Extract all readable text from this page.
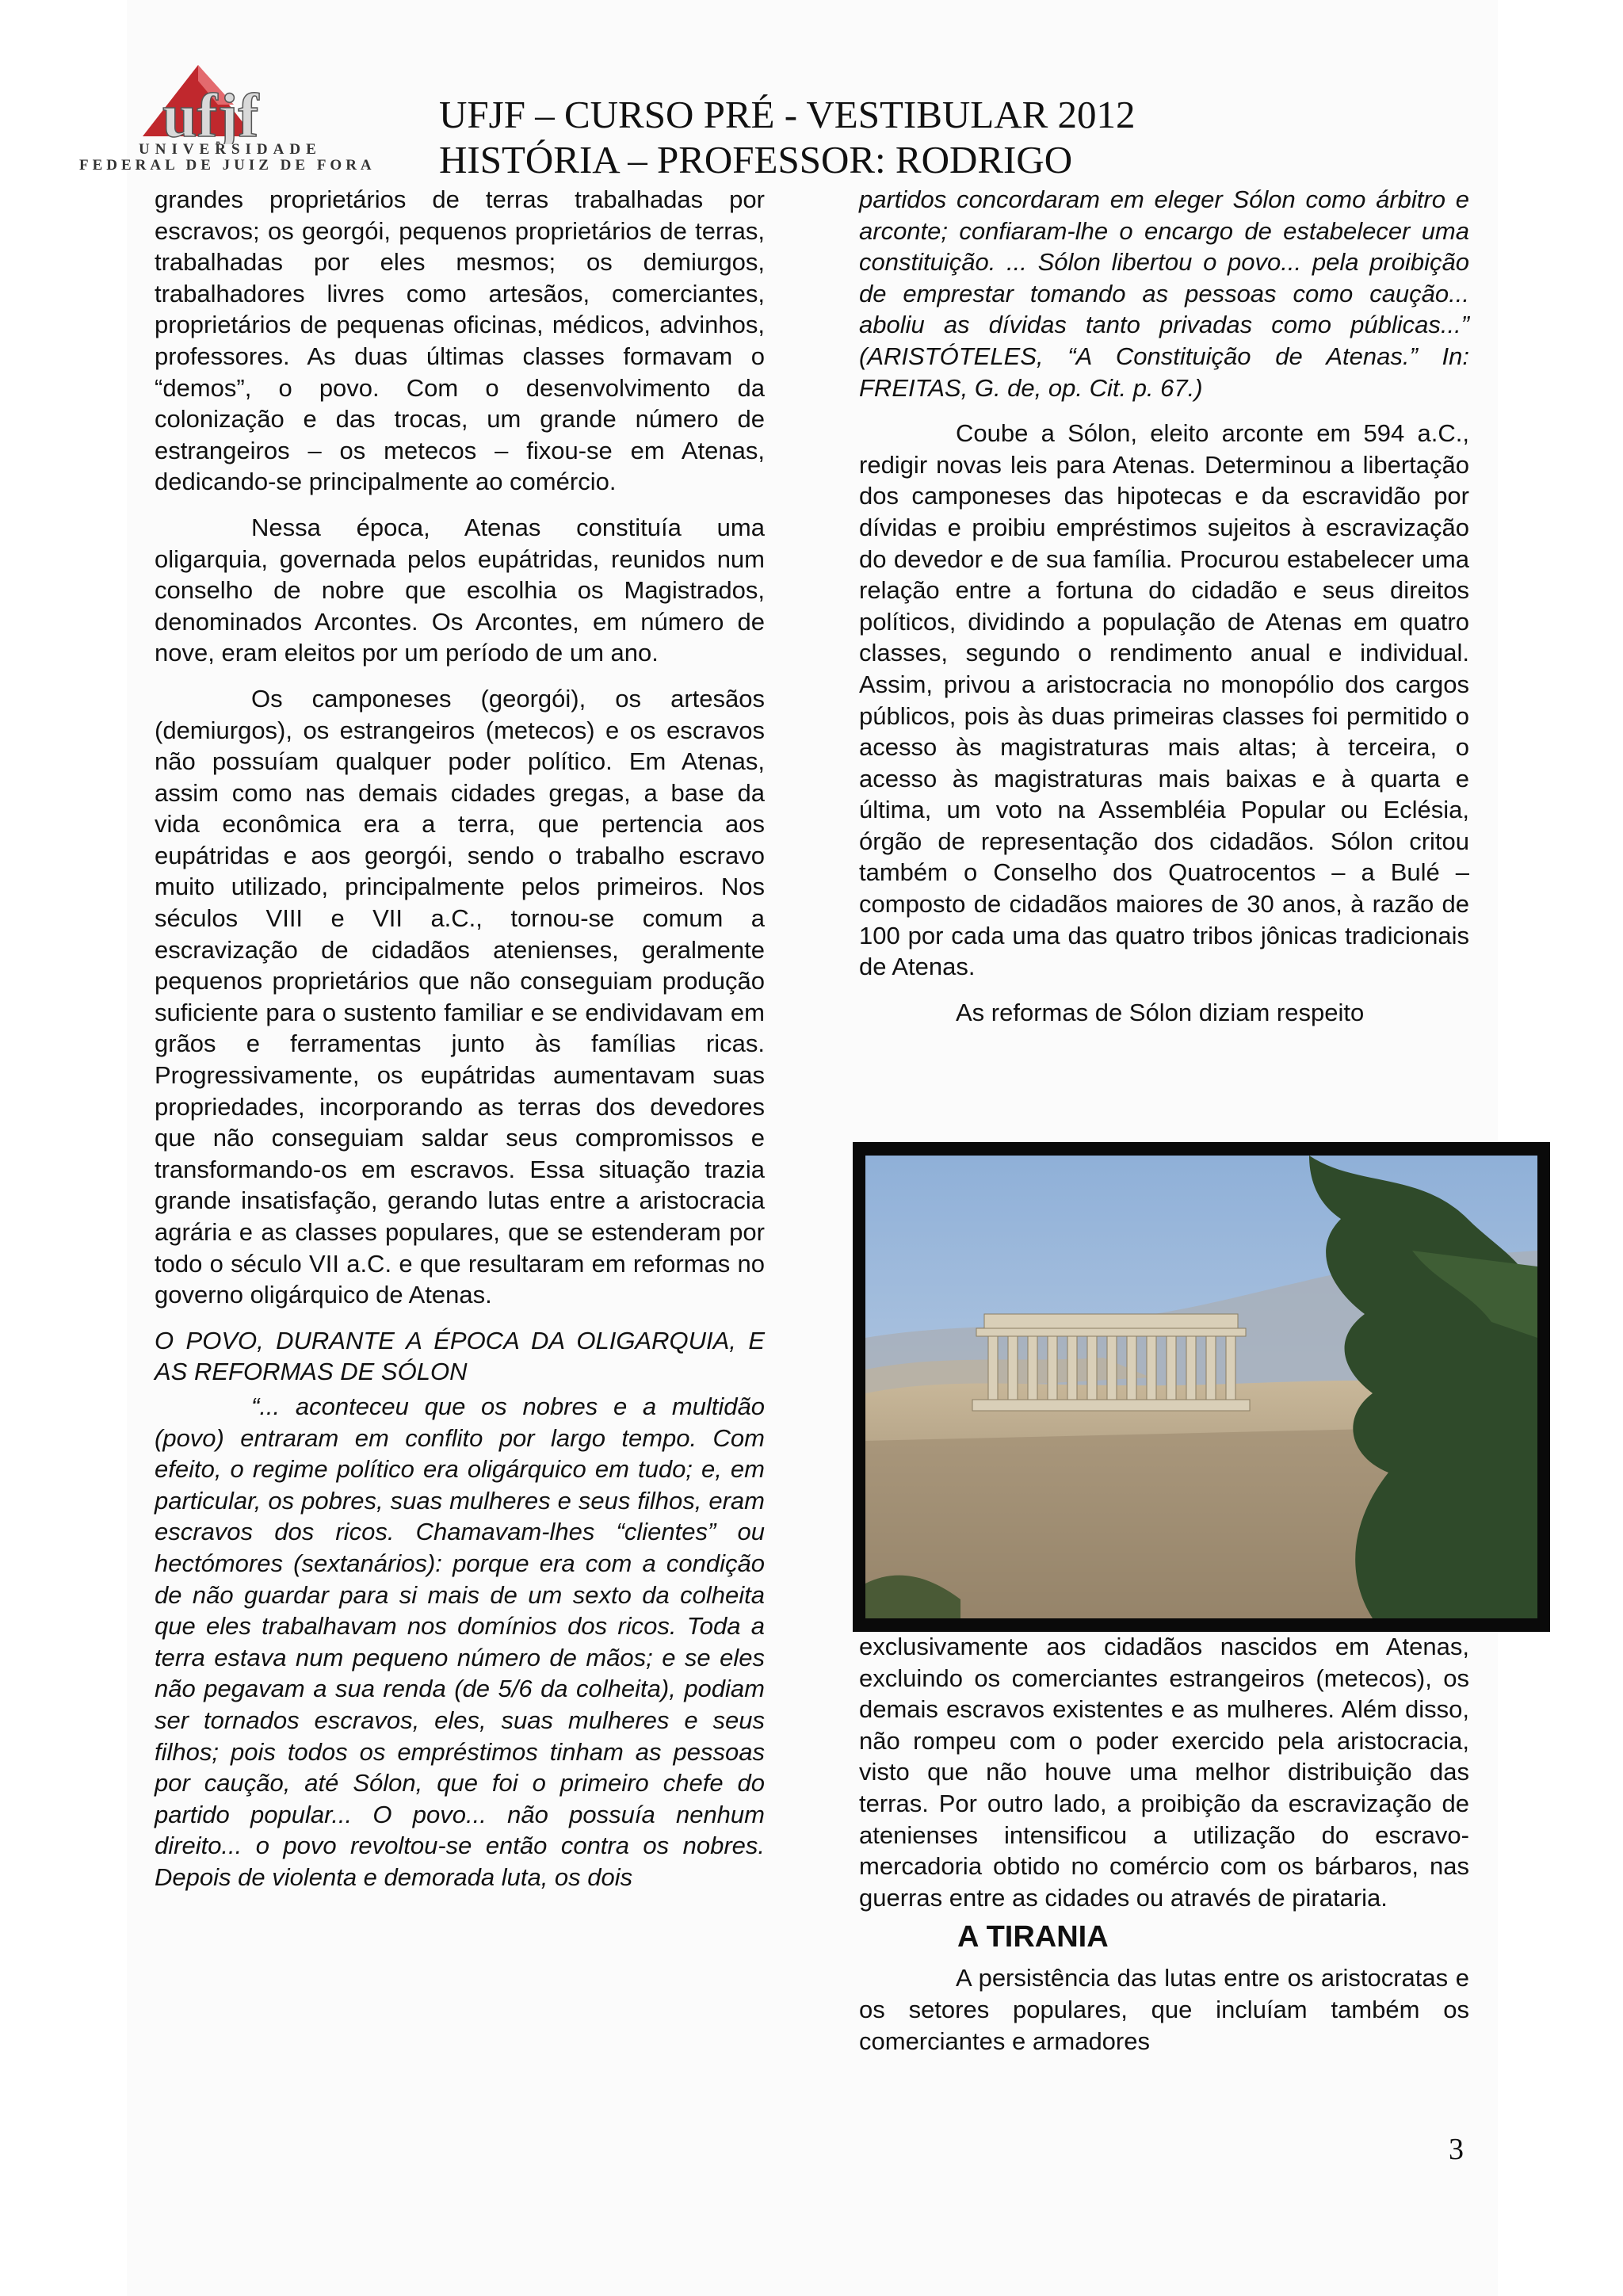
ufjf
UNIVERSIDADE
FEDERAL DE JUIZ DE FORA
UFJF – CURSO PRÉ - VESTIBULAR 2012
HISTÓRIA – PROFESSOR: RODRIGO

grandes proprietários de terras trabalhadas por escravos; os georgói, pequenos proprietários de terras, trabalhadas por eles mesmos; os demiurgos, trabalhadores livres como artesãos, comerciantes, proprietários de pequenas oficinas, médicos, advinhos, professores. As duas últimas classes formavam o “demos”, o povo. Com o desenvolvimento da colonização e das trocas, um grande número de estrangeiros – os metecos – fixou-se em Atenas, dedicando-se principalmente ao comércio.

Nessa época, Atenas constituía uma oligarquia, governada pelos eupátridas, reunidos num conselho de nobre que escolhia os Magistrados, denominados Arcontes. Os Arcontes, em número de nove, eram eleitos por um período de um ano.

Os camponeses (georgói), os artesãos (demiurgos), os estrangeiros (metecos) e os escravos não possuíam qualquer poder político. Em Atenas, assim como nas demais cidades gregas, a base da vida econômica era a terra, que pertencia aos eupátridas e aos georgói, sendo o trabalho escravo muito utilizado, principalmente pelos primeiros. Nos séculos VIII e VII a.C., tornou-se comum a escravização de cidadãos atenienses, geralmente pequenos proprietários que não conseguiam produção suficiente para o sustento familiar e se endividavam em grãos e ferramentas junto às famílias ricas. Progressivamente, os eupátridas aumentavam suas propriedades, incorporando as terras dos devedores que não conseguiam saldar seus compromissos e transformando-os em escravos. Essa situação trazia grande insatisfação, gerando lutas entre a aristocracia agrária e as classes populares, que se estenderam por todo o século VII a.C. e que resultaram em reformas no governo oligárquico de Atenas.

O POVO, DURANTE A ÉPOCA DA OLIGARQUIA, E AS REFORMAS DE SÓLON

“... aconteceu que os nobres e a multidão (povo) entraram em conflito por largo tempo. Com efeito, o regime político era oligárquico em tudo; e, em particular, os pobres, suas mulheres e seus filhos, eram escravos dos ricos. Chamavam-lhes “clientes” ou hectómores (sextanários): porque era com a condição de não guardar para si mais de um sexto da colheita que eles trabalhavam nos domínios dos ricos. Toda a terra estava num pequeno número de mãos; e se eles não pegavam a sua renda (de 5/6 da colheita), podiam ser tornados escravos, eles, suas mulheres e seus filhos; pois todos os empréstimos tinham as pessoas por caução, até Sólon, que foi o primeiro chefe do partido popular... O povo... não possuía nenhum direito... o povo revoltou-se então contra os nobres. Depois de violenta e demorada luta, os dois

partidos concordaram em eleger Sólon como árbitro e arconte; confiaram-lhe o encargo de estabelecer uma constituição. ... Sólon libertou o povo... pela proibição de emprestar tomando as pessoas como caução... aboliu as dívidas tanto privadas como públicas...” (ARISTÓTELES, “A Constituição de Atenas.” In: FREITAS, G. de, op. Cit. p. 67.)

Coube a Sólon, eleito arconte em 594 a.C., redigir novas leis para Atenas. Determinou a libertação dos camponeses das hipotecas e da escravidão por dívidas e proibiu empréstimos sujeitos à escravização do devedor e de sua família. Procurou estabelecer uma relação entre a fortuna do cidadão e seus direitos políticos, dividindo a população de Atenas em quatro classes, segundo o rendimento anual e individual. Assim, privou a aristocracia no monopólio dos cargos públicos, pois às duas primeiras classes foi permitido o acesso às magistraturas mais altas; à terceira, o acesso às magistraturas mais baixas e à quarta e última, um voto na Assembléia Popular ou Eclésia, órgão de representação dos cidadãos. Sólon critou também o Conselho dos Quatrocentos – a Bulé – composto de cidadãos maiores de 30 anos, à razão de 100 por cada uma das quatro tribos jônicas tradicionais de Atenas.

As reformas de Sólon diziam respeito

exclusivamente aos cidadãos nascidos em Atenas, excluindo os comerciantes estrangeiros (metecos), os demais escravos existentes e as mulheres. Além disso, não rompeu com o poder exercido pela aristocracia, visto que não houve uma melhor distribuição das terras. Por outro lado, a proibição da escravização de atenienses intensificou a utilização do escravo-mercadoria obtido no comércio com os bárbaros, nas guerras entre as cidades ou através de pirataria.

A TIRANIA

A persistência das lutas entre os aristocratas e os setores populares, que incluíam também os comerciantes e armadores

3
